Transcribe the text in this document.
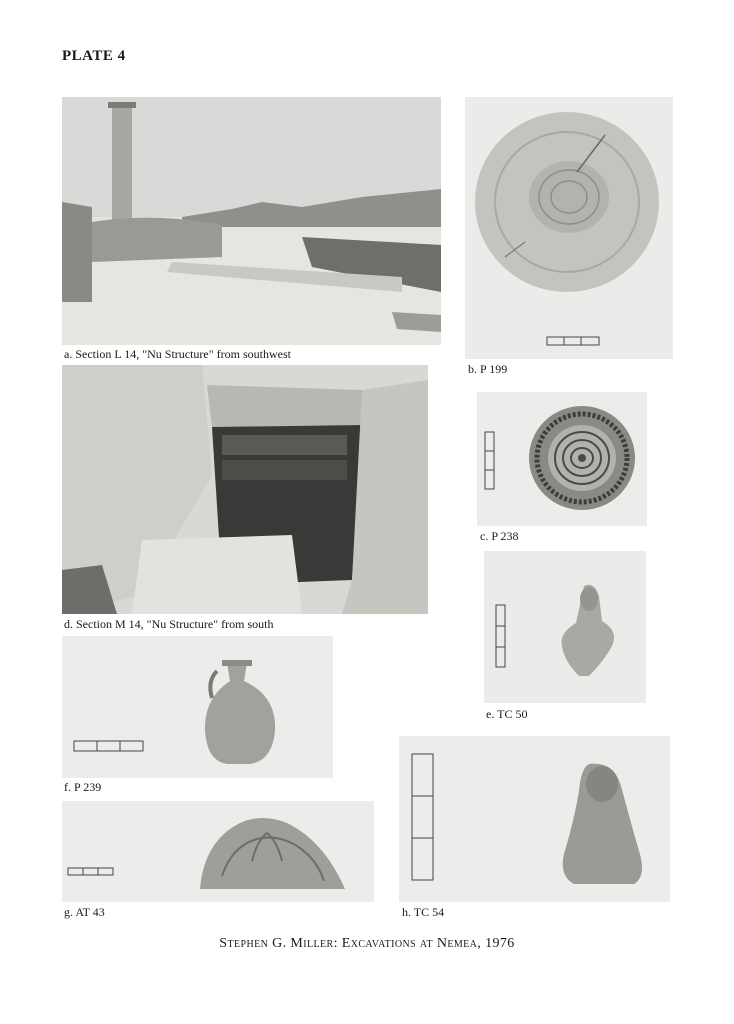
PLATE 4
a. Section L 14, "Nu Structure" from southwest
b. P 199
d. Section M 14, "Nu Structure" from south
c. P 238
e. TC 50
f. P 239
h. TC 54
g. AT 43
Stephen G. Miller: Excavations at Nemea, 1976
